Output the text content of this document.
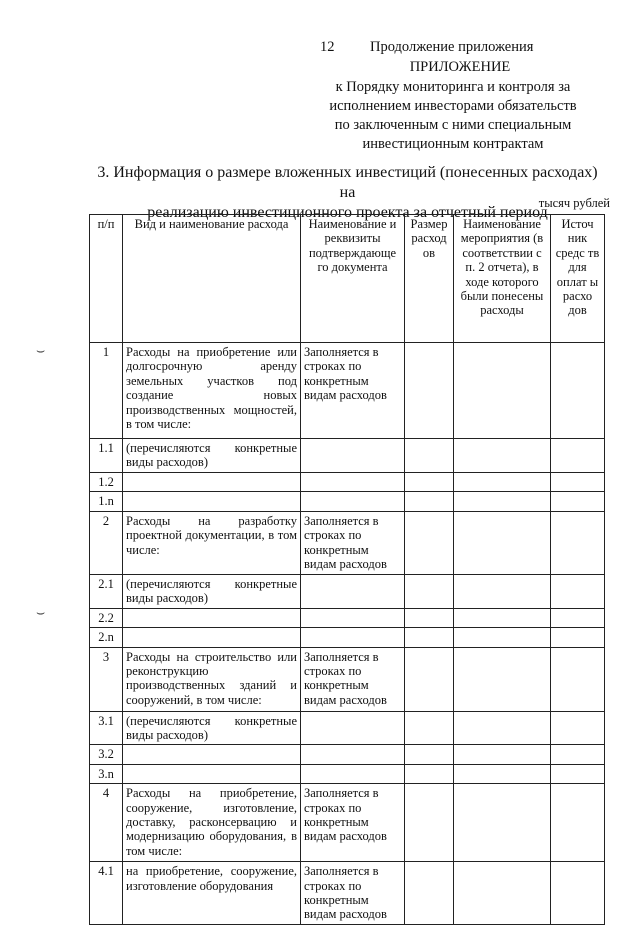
12 Продолжение приложения
ПРИЛОЖЕНИЕ
к Порядку мониторинга и контроля за
исполнением инвесторами обязательств
по заключенным с ними специальным
инвестиционным контрактам
3. Информация о размере вложенных инвестиций (понесенных расходах) на
реализацию инвестиционного проекта за отчетный период
тысяч рублей
⌣
⌣
п/п	Вид и наименование расхода	Наименование и реквизиты подтверждающе го документа	Размер расход ов	Наименование мероприятия (в соответствии с п. 2 отчета), в ходе которого были понесены расходы	Источ ник средс тв для оплат ы расхо дов
1	Расходы на приобретение или долгосрочную аренду земельных участков под создание новых производственных мощностей, в том числе:	Заполняется в строках по конкретным видам расходов			
1.1	(перечисляются конкретные виды расходов)				
1.2					
1.n					
2	Расходы на разработку проектной документации, в том числе:	Заполняется в строках по конкретным видам расходов			
2.1	(перечисляются конкретные виды расходов)				
2.2					
2.n					
3	Расходы на строительство или реконструкцию производственных зданий и сооружений, в том числе:	Заполняется в строках по конкретным видам расходов			
3.1	(перечисляются конкретные виды расходов)				
3.2					
3.n					
4	Расходы на приобретение, сооружение, изготовление, доставку, расконсервацию и модернизацию оборудования, в том числе:	Заполняется в строках по конкретным видам расходов			
4.1	на приобретение, сооружение, изготовление оборудования	Заполняется в строках по конкретным видам расходов			
